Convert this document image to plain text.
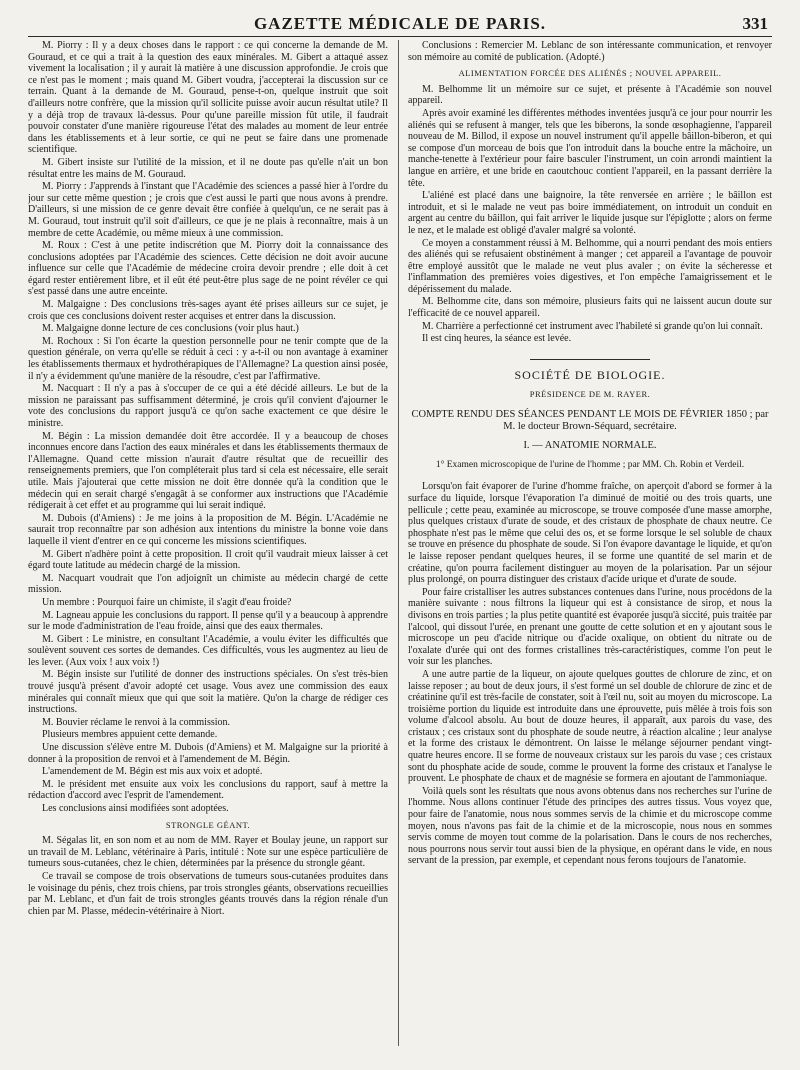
GAZETTE MÉDICALE DE PARIS.	331

M. Piorry : Il y a deux choses dans le rapport : ce qui concerne la demande de M. Gouraud, et ce qui a trait à la question des eaux minérales. M. Gibert a attaqué assez vivement la localisation ; il y aurait là matière à une discussion approfondie. Je crois que ce n'est pas le moment ; mais quand M. Gibert voudra, j'accepterai la discussion sur ce terrain. Quant à la demande de M. Gouraud, pense-t-on, quelque instruit que soit d'ailleurs notre confrère, que la mission qu'il sollicite puisse avoir aucun résultat utile? Il y a déjà trop de travaux là-dessus. Pour qu'une pareille mission fût utile, il faudrait pouvoir constater d'une manière rigoureuse l'état des malades au moment de leur entrée dans les établissements et à leur sortie, ce qui ne peut se faire dans une promenade scientifique.

M. Gibert insiste sur l'utilité de la mission, et il ne doute pas qu'elle n'ait un bon résultat entre les mains de M. Gouraud.

M. Piorry : J'apprends à l'instant que l'Académie des sciences a passé hier à l'ordre du jour sur cette même question ; je crois que c'est aussi le parti que nous avons à prendre. D'ailleurs, si une mission de ce genre devait être confiée à quelqu'un, ce ne serait pas à M. Gouraud, tout instruit qu'il soit d'ailleurs, ce que je ne plais à reconnaître, mais à un membre de cette Académie, ou même mieux à une commission.

M. Roux : C'est à une petite indiscrétion que M. Piorry doit la connaissance des conclusions adoptées par l'Académie des sciences. Cette décision ne doit avoir aucune influence sur celle que l'Académie de médecine croira devoir prendre ; elle doit à cet égard rester entièrement libre, et il eût été peut-être plus sage de ne point révéler ce qui s'est passé dans une autre enceinte.

M. Malgaigne : Des conclusions très-sages ayant été prises ailleurs sur ce sujet, je crois que ces conclusions doivent rester acquises et entrer dans la discussion.

M. Malgaigne donne lecture de ces conclusions (voir plus haut.)

M. Rochoux : Si l'on écarte la question personnelle pour ne tenir compte que de la question générale, on verra qu'elle se réduit à ceci : y a-t-il ou non avantage à examiner les établissements thermaux et hydrothérapiques de l'Allemagne? La question ainsi posée, il n'y a évidemment qu'une manière de la résoudre, c'est par l'affirmative.

M. Nacquart : Il n'y a pas à s'occuper de ce qui a été décidé ailleurs. Le but de la mission ne paraissant pas suffisamment déterminé, je crois qu'il convient d'ajourner le vote des conclusions du rapport jusqu'à ce qu'on sache exactement ce que désire le ministre.

M. Bégin : La mission demandée doit être accordée. Il y a beaucoup de choses inconnues encore dans l'action des eaux minérales et dans les établissements thermaux de l'Allemagne. Quand cette mission n'aurait d'autre résultat que de recueillir des renseignements premiers, que l'on compléterait plus tard si cela est nécessaire, elle serait utile. Mais j'ajouterai que cette mission ne doit être donnée qu'à la condition que le médecin qui en serait chargé s'engagât à se conformer aux instructions que l'Académie rédigerait à cet effet et au programme qui lui serait indiqué.

M. Dubois (d'Amiens) : Je me joins à la proposition de M. Bégin. L'Académie ne saurait trop reconnaître par son adhésion aux intentions du ministre la bonne voie dans laquelle il vient d'entrer en ce qui concerne les missions scientifiques.

M. Gibert n'adhère point à cette proposition. Il croit qu'il vaudrait mieux laisser à cet égard toute latitude au médecin chargé de la mission.

M. Nacquart voudrait que l'on adjoignît un chimiste au médecin chargé de cette mission.

Un membre : Pourquoi faire un chimiste, il s'agit d'eau froide?

M. Lagneau appuie les conclusions du rapport. Il pense qu'il y a beaucoup à apprendre sur le mode d'administration de l'eau froide, ainsi que des eaux thermales.

M. Gibert : Le ministre, en consultant l'Académie, a voulu éviter les difficultés que soulèvent souvent ces sortes de demandes. Ces difficultés, vous les augmentez au lieu de les lever. (Aux voix ! aux voix !)

M. Bégin insiste sur l'utilité de donner des instructions spéciales. On s'est très-bien trouvé jusqu'à présent d'avoir adopté cet usage. Vous avez une commission des eaux minérales qui connaît mieux que qui que soit la matière. Qu'on la charge de rédiger ces instructions.

M. Bouvier réclame le renvoi à la commission.

Plusieurs membres appuient cette demande.

Une discussion s'élève entre M. Dubois (d'Amiens) et M. Malgaigne sur la priorité à donner à la proposition de renvoi et à l'amendement de M. Bégin.

L'amendement de M. Bégin est mis aux voix et adopté.

M. le président met ensuite aux voix les conclusions du rapport, sauf à mettre la rédaction d'accord avec l'esprit de l'amendement.

Les conclusions ainsi modifiées sont adoptées.

STRONGLE GÉANT.

M. Ségalas lit, en son nom et au nom de MM. Rayer et Boulay jeune, un rapport sur un travail de M. Leblanc, vétérinaire à Paris, intitulé : Note sur une espèce particulière de tumeurs sous-cutanées, chez le chien, déterminées par la présence du strongle géant.

Ce travail se compose de trois observations de tumeurs sous-cutanées produites dans le voisinage du pénis, chez trois chiens, par trois strongles géants, observations recueillies par M. Leblanc, et d'un fait de trois strongles géants trouvés dans la région rénale d'un chien par M. Plasse, médecin-vétérinaire à Niort.

Conclusions : Remercier M. Leblanc de son intéressante communication, et renvoyer son mémoire au comité de publication. (Adopté.)

ALIMENTATION FORCÉE DES ALIÉNÉS ; NOUVEL APPAREIL.

M. Belhomme lit un mémoire sur ce sujet, et présente à l'Académie son nouvel appareil.

Après avoir examiné les différentes méthodes inventées jusqu'à ce jour pour nourrir les aliénés qui se refusent à manger, tels que les biberons, la sonde œsophagienne, l'appareil nouveau de M. Billod, il expose un nouvel instrument qu'il appelle bâillon-biberon, et qui se compose d'un morceau de bois que l'on introduit dans la bouche entre la mâchoire, un manche-tenette à l'extérieur pour faire basculer l'instrument, un coin arrondi maintient la langue en arrière, et une bride en caoutchouc contient l'appareil, en la passant derrière la tête.

L'aliéné est placé dans une baignoire, la tête renversée en arrière ; le bâillon est introduit, et si le malade ne veut pas boire immédiatement, on introduit un conduit en argent au centre du bâillon, qui fait arriver le liquide jusque sur l'épiglotte ; alors on ferme le nez, et le malade est obligé d'avaler malgré sa volonté.

Ce moyen a constamment réussi à M. Belhomme, qui a nourri pendant des mois entiers des aliénés qui se refusaient obstinément à manger ; cet appareil a l'avantage de pouvoir être employé aussitôt que le malade ne veut plus avaler ; on évite la sécheresse et l'inflammation des premières voies digestives, et l'on empêche l'amaigrissement et le dépérissement du malade.

M. Belhomme cite, dans son mémoire, plusieurs faits qui ne laissent aucun doute sur l'efficacité de ce nouvel appareil.

M. Charrière a perfectionné cet instrument avec l'habileté si grande qu'on lui connaît.

Il est cinq heures, la séance est levée.

SOCIÉTÉ DE BIOLOGIE.
PRÉSIDENCE DE M. RAYER.
COMPTE RENDU DES SÉANCES PENDANT LE MOIS DE FÉVRIER 1850 ; par M. le docteur Brown-Séquard, secrétaire.
I. — ANATOMIE NORMALE.
1° Examen microscopique de l'urine de l'homme ; par MM. Ch. Robin et Verdeil.

Lorsqu'on fait évaporer de l'urine d'homme fraîche, on aperçoit d'abord se former à la surface du liquide, lorsque l'évaporation l'a diminué de moitié ou des trois quarts, une pellicule ; cette peau, examinée au microscope, se trouve composée d'une masse amorphe, plus quelques cristaux d'urate de soude, et des cristaux de phosphate de chaux neutre. Ce phosphate n'est pas le même que celui des os, et se forme lorsque le sel soluble de chaux se trouve en présence du phosphate de soude. Si l'on évapore davantage le liquide, et qu'on le laisse reposer pendant quelques heures, il se forme une quantité de sel marin et de créatine, qu'on pourra facilement distinguer au moyen de la polarisation. Par un séjour plus prolongé, on pourra distinguer des cristaux d'acide urique et d'urate de soude.

Pour faire cristalliser les autres substances contenues dans l'urine, nous procédons de la manière suivante : nous filtrons la liqueur qui est à consistance de sirop, et nous la divisons en trois parties ; la plus petite quantité est évaporée jusqu'à siccité, puis traitée par l'alcool, qui dissout l'urée, en prenant une goutte de cette solution et en y ajoutant sous le microscope un peu d'acide nitrique ou d'acide oxalique, on obtient du nitrate ou de l'oxalate d'urée qui ont des formes cristallines très-caractéristiques, comme l'on peut le voir sur les planches.

A une autre partie de la liqueur, on ajoute quelques gouttes de chlorure de zinc, et on laisse reposer ; au bout de deux jours, il s'est formé un sel double de chlorure de zinc et de créatinine qu'il est très-facile de constater, soit à l'œil nu, soit au moyen du microscope. La troisième portion du liquide est introduite dans une éprouvette, puis mêlée à trois fois son volume d'alcool absolu. Au bout de douze heures, il apparaît, aux parois du vase, des cristaux ; ces cristaux sont du phosphate de soude neutre, à réaction alcaline ; leur analyse et la forme des cristaux le démontrent. On laisse le mélange séjourner pendant vingt-quatre heures encore. Il se forme de nouveaux cristaux sur les parois du vase ; ces cristaux sont du phosphate acide de soude, comme le prouvent la forme des cristaux et l'analyse le prouvent. Le phosphate de chaux et de magnésie se formera en ajoutant de l'ammoniaque.

Voilà quels sont les résultats que nous avons obtenus dans nos recherches sur l'urine de l'homme. Nous allons continuer l'étude des principes des autres tissus. Vous voyez que, pour faire de l'anatomie, nous nous sommes servis de la chimie et du microscope comme moyen, nous n'avons pas fait de la chimie et de la microscopie, nous nous en sommes servis comme de moyen tout comme de la polarisation. Dans le cours de nos recherches, nous pourrons nous servir tout aussi bien de la physique, en opérant dans le vide, en nous servant de la pression, par exemple, et cependant nous ferons toujours de l'anatomie.
